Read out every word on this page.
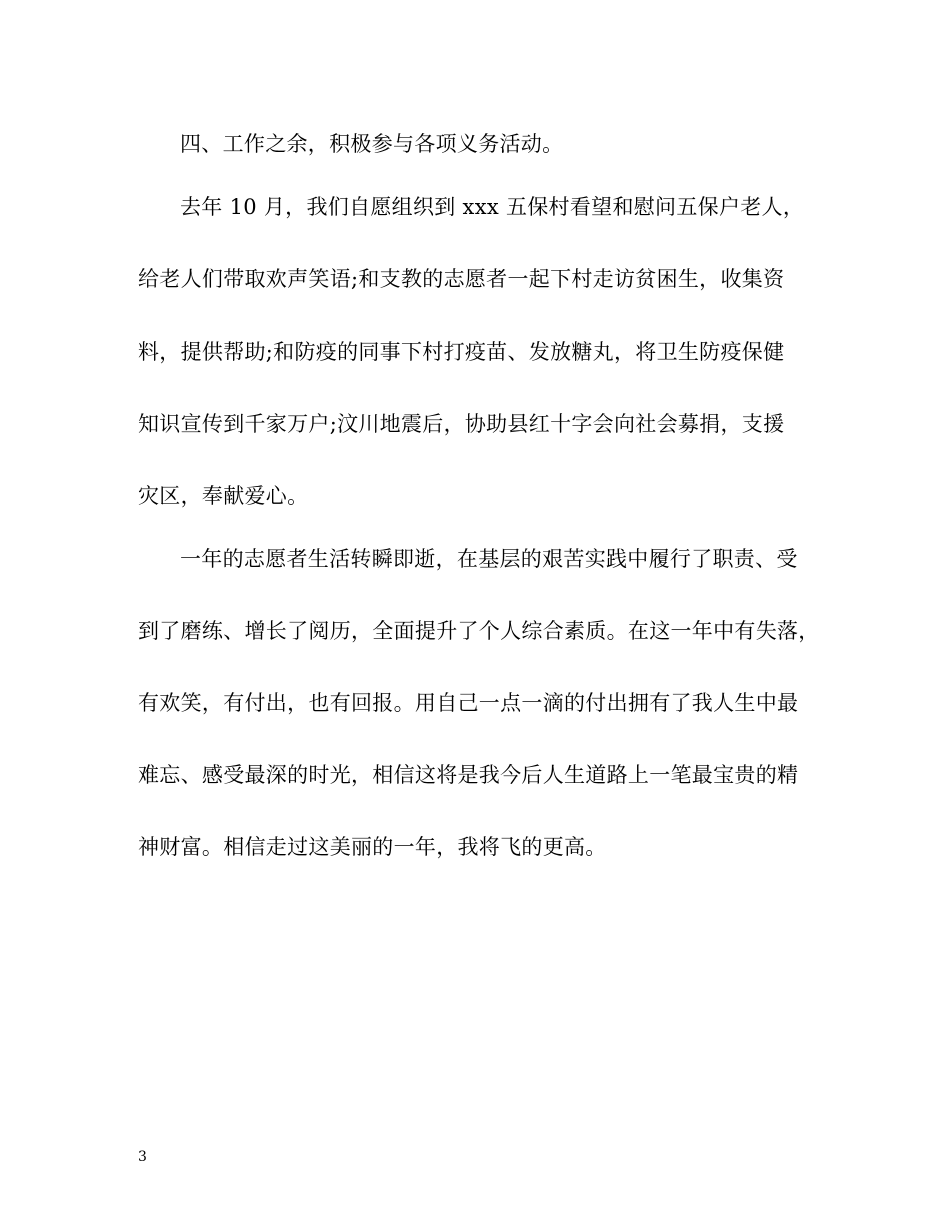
四、工作之余，积极参与各项义务活动。
去年 10 月，我们自愿组织到 xxx 五保村看望和慰问五保户老人，
给老人们带取欢声笑语;和支教的志愿者一起下村走访贫困生，收集资
料，提供帮助;和防疫的同事下村打疫苗、发放糖丸，将卫生防疫保健
知识宣传到千家万户;汶川地震后，协助县红十字会向社会募捐，支援
灾区，奉献爱心。
一年的志愿者生活转瞬即逝，在基层的艰苦实践中履行了职责、受
到了磨练、增长了阅历，全面提升了个人综合素质。在这一年中有失落，
有欢笑，有付出，也有回报。用自己一点一滴的付出拥有了我人生中最
难忘、感受最深的时光，相信这将是我今后人生道路上一笔最宝贵的精
神财富。相信走过这美丽的一年，我将飞的更高。
3
